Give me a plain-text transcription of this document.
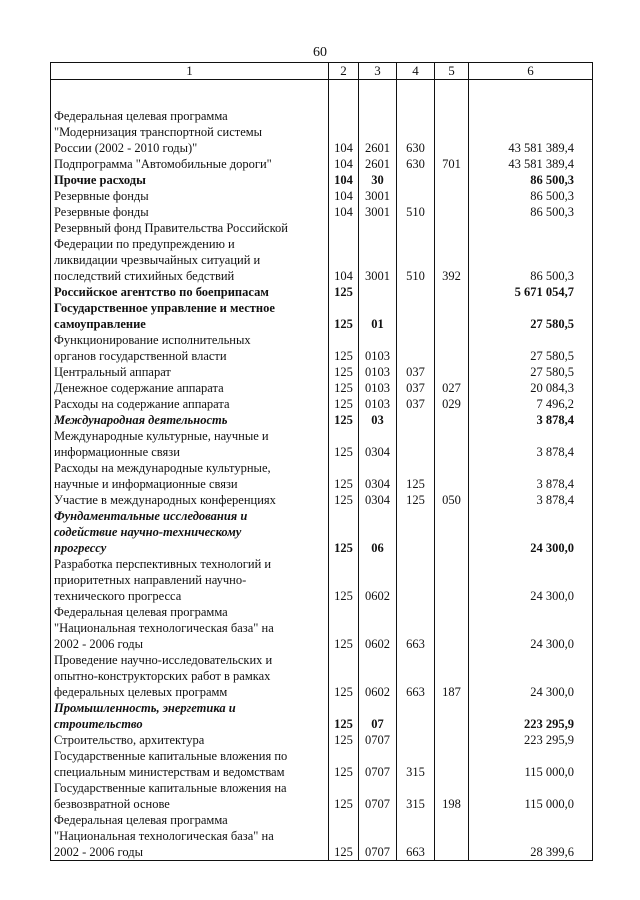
60
1	2	3	4	5	6

Федеральная целевая программа
"Модернизация транспортной системы
России (2002 - 2010 годы)"	104	2601	630		43 581 389,4

Подпрограмма "Автомобильные дороги"	104	2601	630	701	43 581 389,4

Прочие расходы	104	30			86 500,3

Резервные фонды	104	3001			86 500,3

Резервные фонды	104	3001	510		86 500,3

Резервный фонд Правительства Российской
Федерации по предупреждению и
ликвидации чрезвычайных ситуаций и
последствий стихийных бедствий	104	3001	510	392	86 500,3

Российское агентство по боеприпасам	125				5 671 054,7

Государственное управление и местное
самоуправление	125	01			27 580,5

Функционирование исполнительных
органов государственной власти	125	0103			27 580,5

Центральный аппарат	125	0103	037		27 580,5

Денежное содержание аппарата	125	0103	037	027	20 084,3

Расходы на содержание аппарата	125	0103	037	029	7 496,2

Международная деятельность	125	03			3 878,4

Международные культурные, научные и
информационные связи	125	0304			3 878,4

Расходы на международные культурные,
научные и информационные связи	125	0304	125		3 878,4

Участие в международных конференциях	125	0304	125	050	3 878,4

Фундаментальные исследования и
содействие научно-техническому
прогрессу	125	06			24 300,0

Разработка перспективных технологий и
приоритетных направлений научно-
технического прогресса	125	0602			24 300,0

Федеральная целевая программа
"Национальная технологическая база" на
2002 - 2006 годы	125	0602	663		24 300,0

Проведение научно-исследовательских и
опытно-конструкторских работ в рамках
федеральных целевых программ	125	0602	663	187	24 300,0

Промышленность, энергетика и
строительство	125	07			223 295,9

Строительство, архитектура	125	0707			223 295,9

Государственные капитальные вложения по
специальным министерствам и ведомствам	125	0707	315		115 000,0

Государственные капитальные вложения на
безвозвратной основе	125	0707	315	198	115 000,0

Федеральная целевая программа
"Национальная технологическая база" на
2002 - 2006 годы	125	0707	663		28 399,6
